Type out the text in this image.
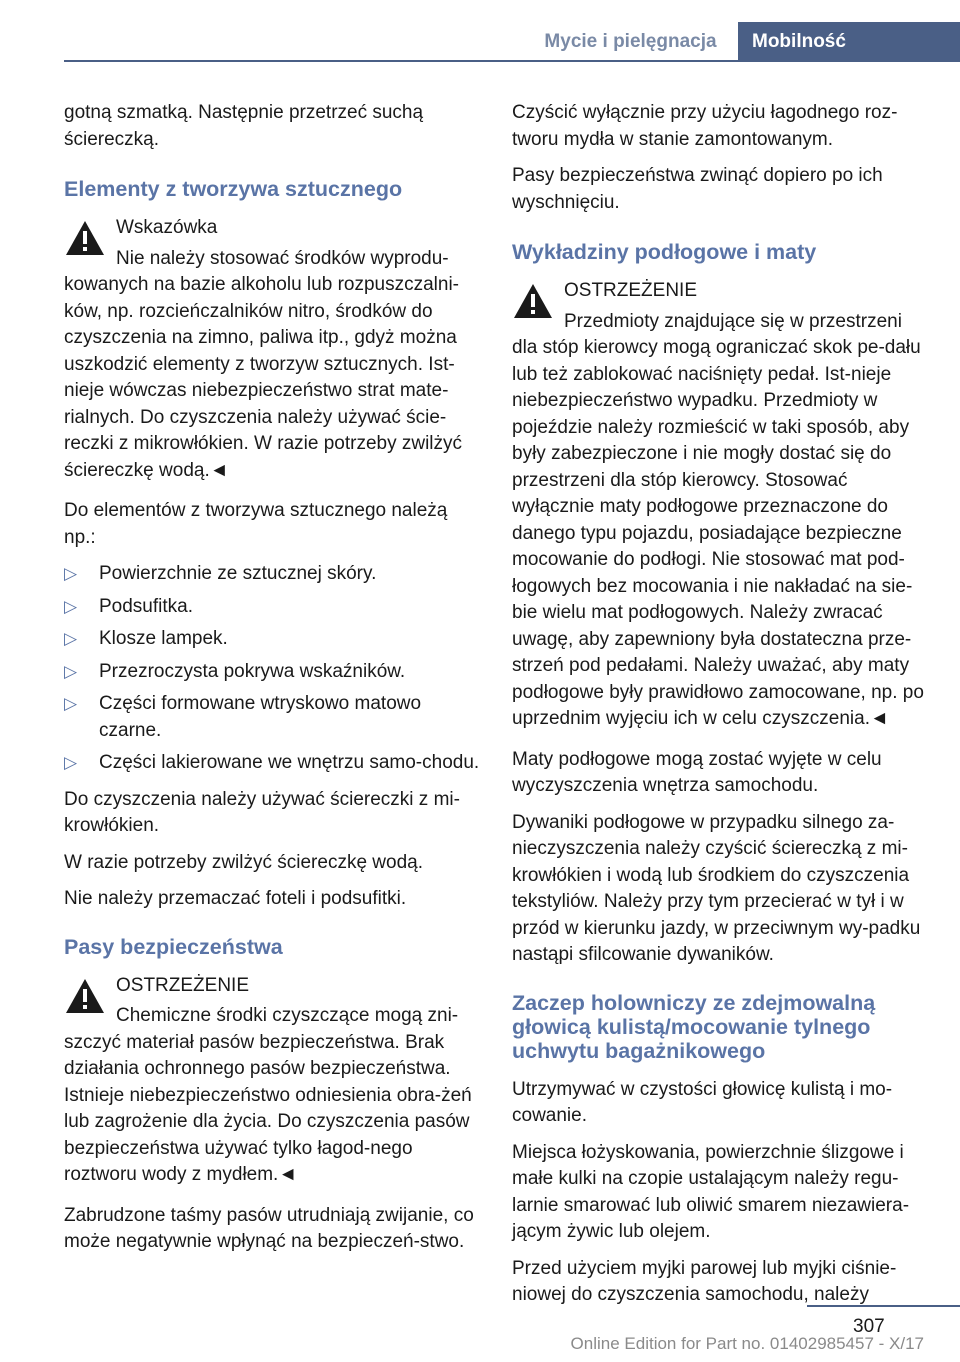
Mycie i pielęgnacja	Mobilność

gotną szmatką. Następnie przetrzeć suchą ściereczką.

Elementy z tworzywa sztucznego
Wskazówka
Nie należy stosować środków wyprodu-
kowanych na bazie alkoholu lub rozpuszczalni-ków, np. rozcieńczalników nitro, środków do czyszczenia na zimno, paliwa itp., gdyż można uszkodzić elementy z tworzyw sztucznych. Ist-nieje wówczas niebezpieczeństwo strat mate-rialnych. Do czyszczenia należy używać ście-reczki z mikrowłókien. W razie potrzeby zwilżyć ściereczkę wodą.◄

Do elementów z tworzywa sztucznego należą np.:

▷ Powierzchnie ze sztucznej skóry.
▷ Podsufitka.
▷ Klosze lampek.
▷ Przezroczysta pokrywa wskaźników.
▷ Części formowane wtryskowo matowo czarne.
▷ Części lakierowane we wnętrzu samo-chodu.

Do czyszczenia należy używać ściereczki z mi-krowłókien.

W razie potrzeby zwilżyć ściereczkę wodą.

Nie należy przemaczać foteli i podsufitki.

Pasy bezpieczeństwa
OSTRZEŻENIE
Chemiczne środki czyszczące mogą zni-
szczyć materiał pasów bezpieczeństwa. Brak działania ochronnego pasów bezpieczeństwa. Istnieje niebezpieczeństwo odniesienia obra-żeń lub zagrożenie dla życia. Do czyszczenia pasów bezpieczeństwa używać tylko łagod-nego roztworu wody z mydłem.◄

Zabrudzone taśmy pasów utrudniają zwijanie, co może negatywnie wpłynąć na bezpieczeń-stwo.

Czyścić wyłącznie przy użyciu łagodnego roz-tworu mydła w stanie zamontowanym.

Pasy bezpieczeństwa zwinąć dopiero po ich wyschnięciu.

Wykładziny podłogowe i maty
OSTRZEŻENIE
Przedmioty znajdujące się w przestrzeni
dla stóp kierowcy mogą ograniczać skok pe-dału lub też zablokować naciśnięty pedał. Ist-nieje niebezpieczeństwo wypadku. Przedmioty w pojeździe należy rozmieścić w taki sposób, aby były zabezpieczone i nie mogły dostać się do przestrzeni dla stóp kierowcy. Stosować wyłącznie maty podłogowe przeznaczone do danego typu pojazdu, posiadające bezpieczne mocowanie do podłogi. Nie stosować mat pod-łogowych bez mocowania i nie nakładać na sie-bie wielu mat podłogowych. Należy zwracać uwagę, aby zapewniony była dostateczna prze-strzeń pod pedałami. Należy uważać, aby maty podłogowe były prawidłowo zamocowane, np. po uprzednim wyjęciu ich w celu czyszczenia.◄

Maty podłogowe mogą zostać wyjęte w celu wyczyszczenia wnętrza samochodu.

Dywaniki podłogowe w przypadku silnego za-nieczyszczenia należy czyścić ściereczką z mi-krowłókien i wodą lub środkiem do czyszczenia tekstyliów. Należy przy tym przecierać w tył i w przód w kierunku jazdy, w przeciwnym wy-padku nastąpi sfilcowanie dywaników.

Zaczep holowniczy ze zdejmowalną głowicą kulistą/mocowanie tylnego uchwytu bagażnikowego

Utrzymywać w czystości głowicę kulistą i mo-cowanie.

Miejsca łożyskowania, powierzchnie ślizgowe i małe kulki na czopie ustalającym należy regu-larnie smarować lub oliwić smarem niezawiera-jącym żywic lub olejem.

Przed użyciem myjki parowej lub myjki ciśnie-niowej do czyszczenia samochodu, należy

307
Online Edition for Part no. 01402985457 - X/17
